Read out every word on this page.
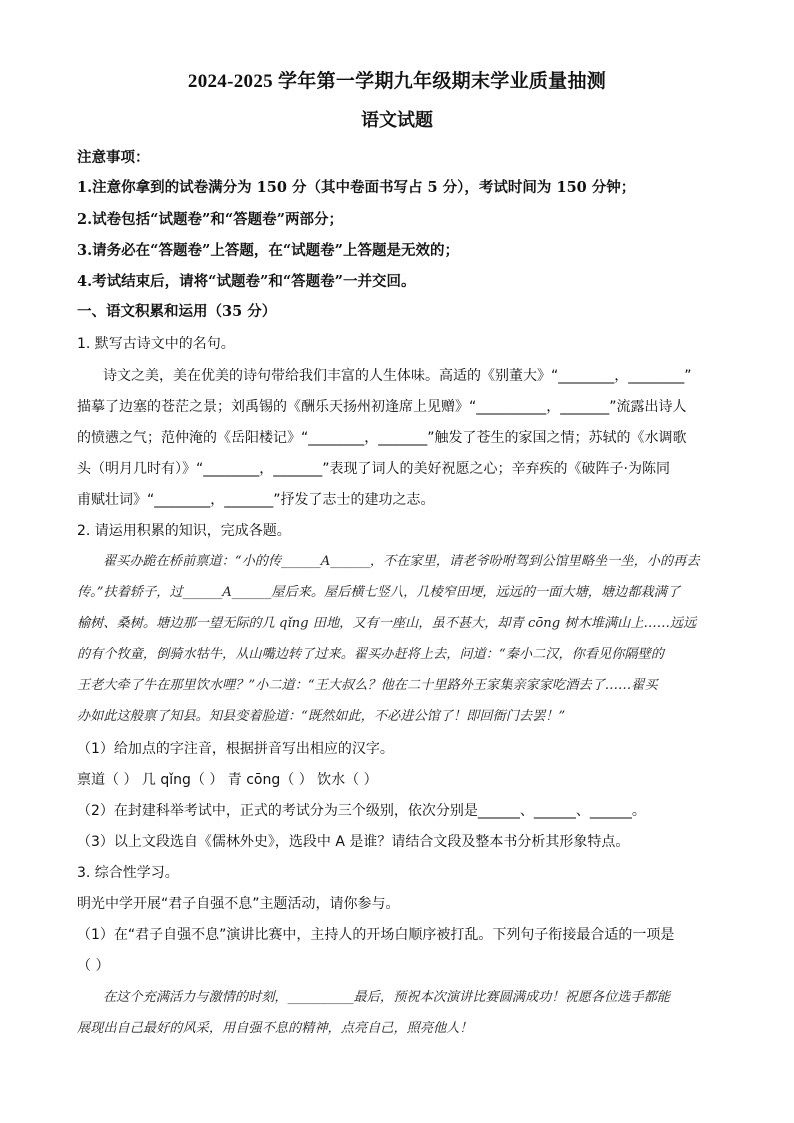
2024-2025 学年第一学期九年级期末学业质量抽测
语文试题
注意事项：
1.注意你拿到的试卷满分为 150 分（其中卷面书写占 5 分），考试时间为 150 分钟；
2.试卷包括“试题卷”和“答题卷”两部分；
3.请务必在“答题卷”上答题，在“试题卷”上答题是无效的；
4.考试结束后，请将“试题卷”和“答题卷”一并交回。
一、语文积累和运用（35 分）
1. 默写古诗文中的名句。
诗文之美，美在优美的诗句带给我们丰富的人生体味。高适的《别董大》“________，________”
描摹了边塞的苍茫之景；刘禹锡的《酬乐天扬州初逢席上见赠》“__________，_______”流露出诗人
的愤懑之气；范仲淹的《岳阳楼记》“________，_______”触发了苍生的家国之情；苏轼的《水调歌
头（明月几时有）》“________，_______”表现了词人的美好祝愿之心；辛弃疾的《破阵子·为陈同
甫赋壮词》“________，_______”抒发了志士的建功之志。
2. 请运用积累的知识，完成各题。
翟买办跪在桥前禀道：“小的传______A______，不在家里，请老爷吩咐驾到公馆里略坐一坐，小的再去
传。”扶着轿子，过______A______屋后来。屋后横七竖八，几棱窄田埂，远远的一面大塘，塘边都栽满了
榆树、桑树。塘边那一望无际的几 qǐng 田地，又有一座山，虽不甚大，却青 cōng 树木堆满山上……远远
的有个牧童，倒骑水牯牛，从山嘴边转了过来。翟买办赶将上去，问道：“秦小二汉，你看见你隔壁的
王老大牵了牛在那里饮水哩？”小二道：“王大叔么？他在二十里路外王家集亲家家吃酒去了……翟买
办如此这般禀了知县。知县变着脸道：“既然如此，不必进公馆了！即回衙门去罢！”
（1）给加点的字注音，根据拼音写出相应的汉字。
禀道（ ） 几 qǐng（ ） 青 cōng（ ） 饮水（ ）
（2）在封建科举考试中，正式的考试分为三个级别，依次分别是______、______、______。
（3）以上文段选自《儒林外史》，选段中 A 是谁？请结合文段及整本书分析其形象特点。
3. 综合性学习。
明光中学开展“君子自强不息”主题活动，请你参与。
（1）在“君子自强不息”演讲比赛中，主持人的开场白顺序被打乱。下列句子衔接最合适的一项是
（ ）
在这个充满活力与激情的时刻，__________最后，预祝本次演讲比赛圆满成功！祝愿各位选手都能
展现出自己最好的风采，用自强不息的精神，点亮自己，照亮他人！
